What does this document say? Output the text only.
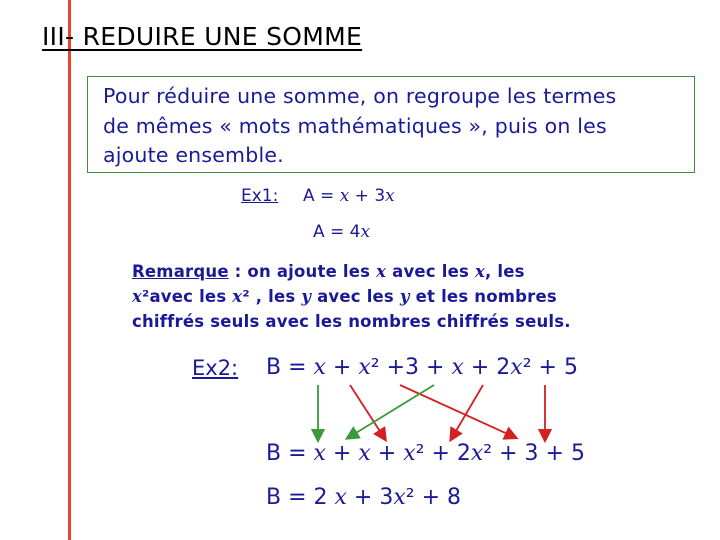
III- REDUIRE UNE SOMME
Pour réduire une somme, on regroupe les termes
de mêmes « mots mathématiques », puis on les
ajoute ensemble.
Ex1: A = x + 3x
A = 4x
Remarque : on ajoute les x avec les x, les
x²avec les x² , les y avec les y et les nombres
chiffrés seuls avec les nombres chiffrés seuls.
Ex2: B = x + x² +3 + x + 2x² + 5
B = x + x + x² + 2x² + 3 + 5
B = 2 x + 3x² + 8
